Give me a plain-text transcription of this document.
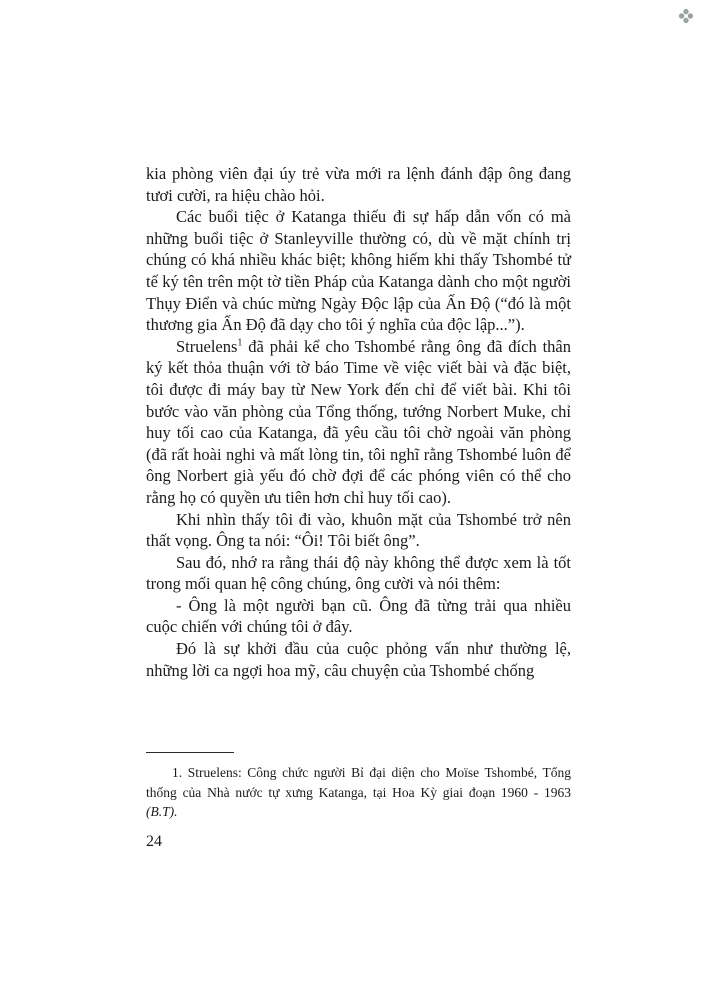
kia phòng viên đại úy trẻ vừa mới ra lệnh đánh đập ông đang tươi cười, ra hiệu chào hỏi.

Các buổi tiệc ở Katanga thiếu đi sự hấp dẫn vốn có mà những buổi tiệc ở Stanleyville thường có, dù về mặt chính trị chúng có khá nhiều khác biệt; không hiếm khi thấy Tshombé tử tế ký tên trên một tờ tiền Pháp của Katanga dành cho một người Thụy Điển và chúc mừng Ngày Độc lập của Ấn Độ (“đó là một thương gia Ấn Độ đã dạy cho tôi ý nghĩa của độc lập...”).

Struelens$^1$ đã phải kể cho Tshombé rằng ông đã đích thân ký kết thỏa thuận với tờ báo Time về việc viết bài và đặc biệt, tôi được đi máy bay từ New York đến chỉ để viết bài. Khi tôi bước vào văn phòng của Tổng thống, tướng Norbert Muke, chỉ huy tối cao của Katanga, đã yêu cầu tôi chờ ngoài văn phòng (đã rất hoài nghi và mất lòng tin, tôi nghĩ rằng Tshombé luôn để ông Norbert già yếu đó chờ đợi để các phóng viên có thể cho rằng họ có quyền ưu tiên hơn chỉ huy tối cao).

Khi nhìn thấy tôi đi vào, khuôn mặt của Tshombé trở nên thất vọng. Ông ta nói: “Ôi! Tôi biết ông”.

Sau đó, nhớ ra rằng thái độ này không thể được xem là tốt trong mối quan hệ công chúng, ông cười và nói thêm:

- Ông là một người bạn cũ. Ông đã từng trải qua nhiều cuộc chiến với chúng tôi ở đây.

Đó là sự khởi đầu của cuộc phỏng vấn như thường lệ, những lời ca ngợi hoa mỹ, câu chuyện của Tshombé chống

1. Struelens: Công chức người Bỉ đại diện cho Moïse Tshombé, Tổng thống của Nhà nước tự xưng Katanga, tại Hoa Kỳ giai đoạn 1960 - 1963 (B.T).

24
